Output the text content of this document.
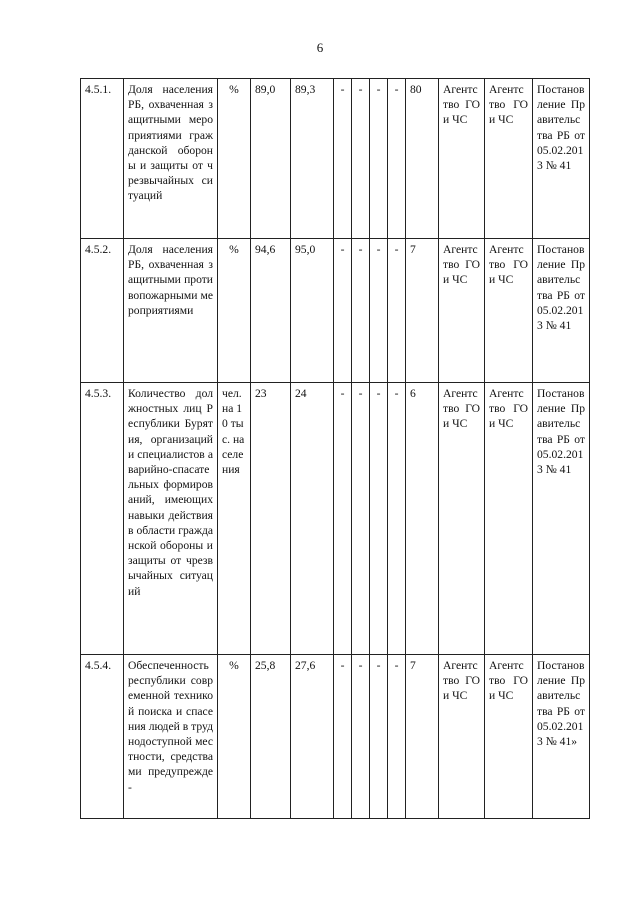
6
4.5.1.	Доля населения РБ, охваченная защитными мероприятиями гражданской обороны и защиты от чрезвычайных ситуаций	%	89,0	89,3	-	-	-	-	80	Агентство ГО и ЧС	Агентство ГО и ЧС	Постановление Правительства РБ от 05.02.2013 № 41
4.5.2.	Доля населения РБ, охваченная защитными противопожарными мероприятиями	%	94,6	95,0	-	-	-	-	7	Агентство ГО и ЧС	Агентство ГО и ЧС	Постановление Правительства РБ от 05.02.2013 № 41
4.5.3.	Количество должностных лиц Республики Бурятия, организаций и специалистов аварийно-спасательных формирований, имеющих навыки действия в области гражданской обороны и защиты от чрезвычайных ситуаций	чел. на 10 тыс. населения	23	24	-	-	-	-	6	Агентство ГО и ЧС	Агентство ГО и ЧС	Постановление Правительства РБ от 05.02.2013 № 41
4.5.4.	Обеспеченность республики современной техникой поиска и спасения людей в труднодоступной местности, средствами предупрежде-	%	25,8	27,6	-	-	-	-	7	Агентство ГО и ЧС	Агентство ГО и ЧС	Постановление Правительства РБ от 05.02.2013 № 41»
